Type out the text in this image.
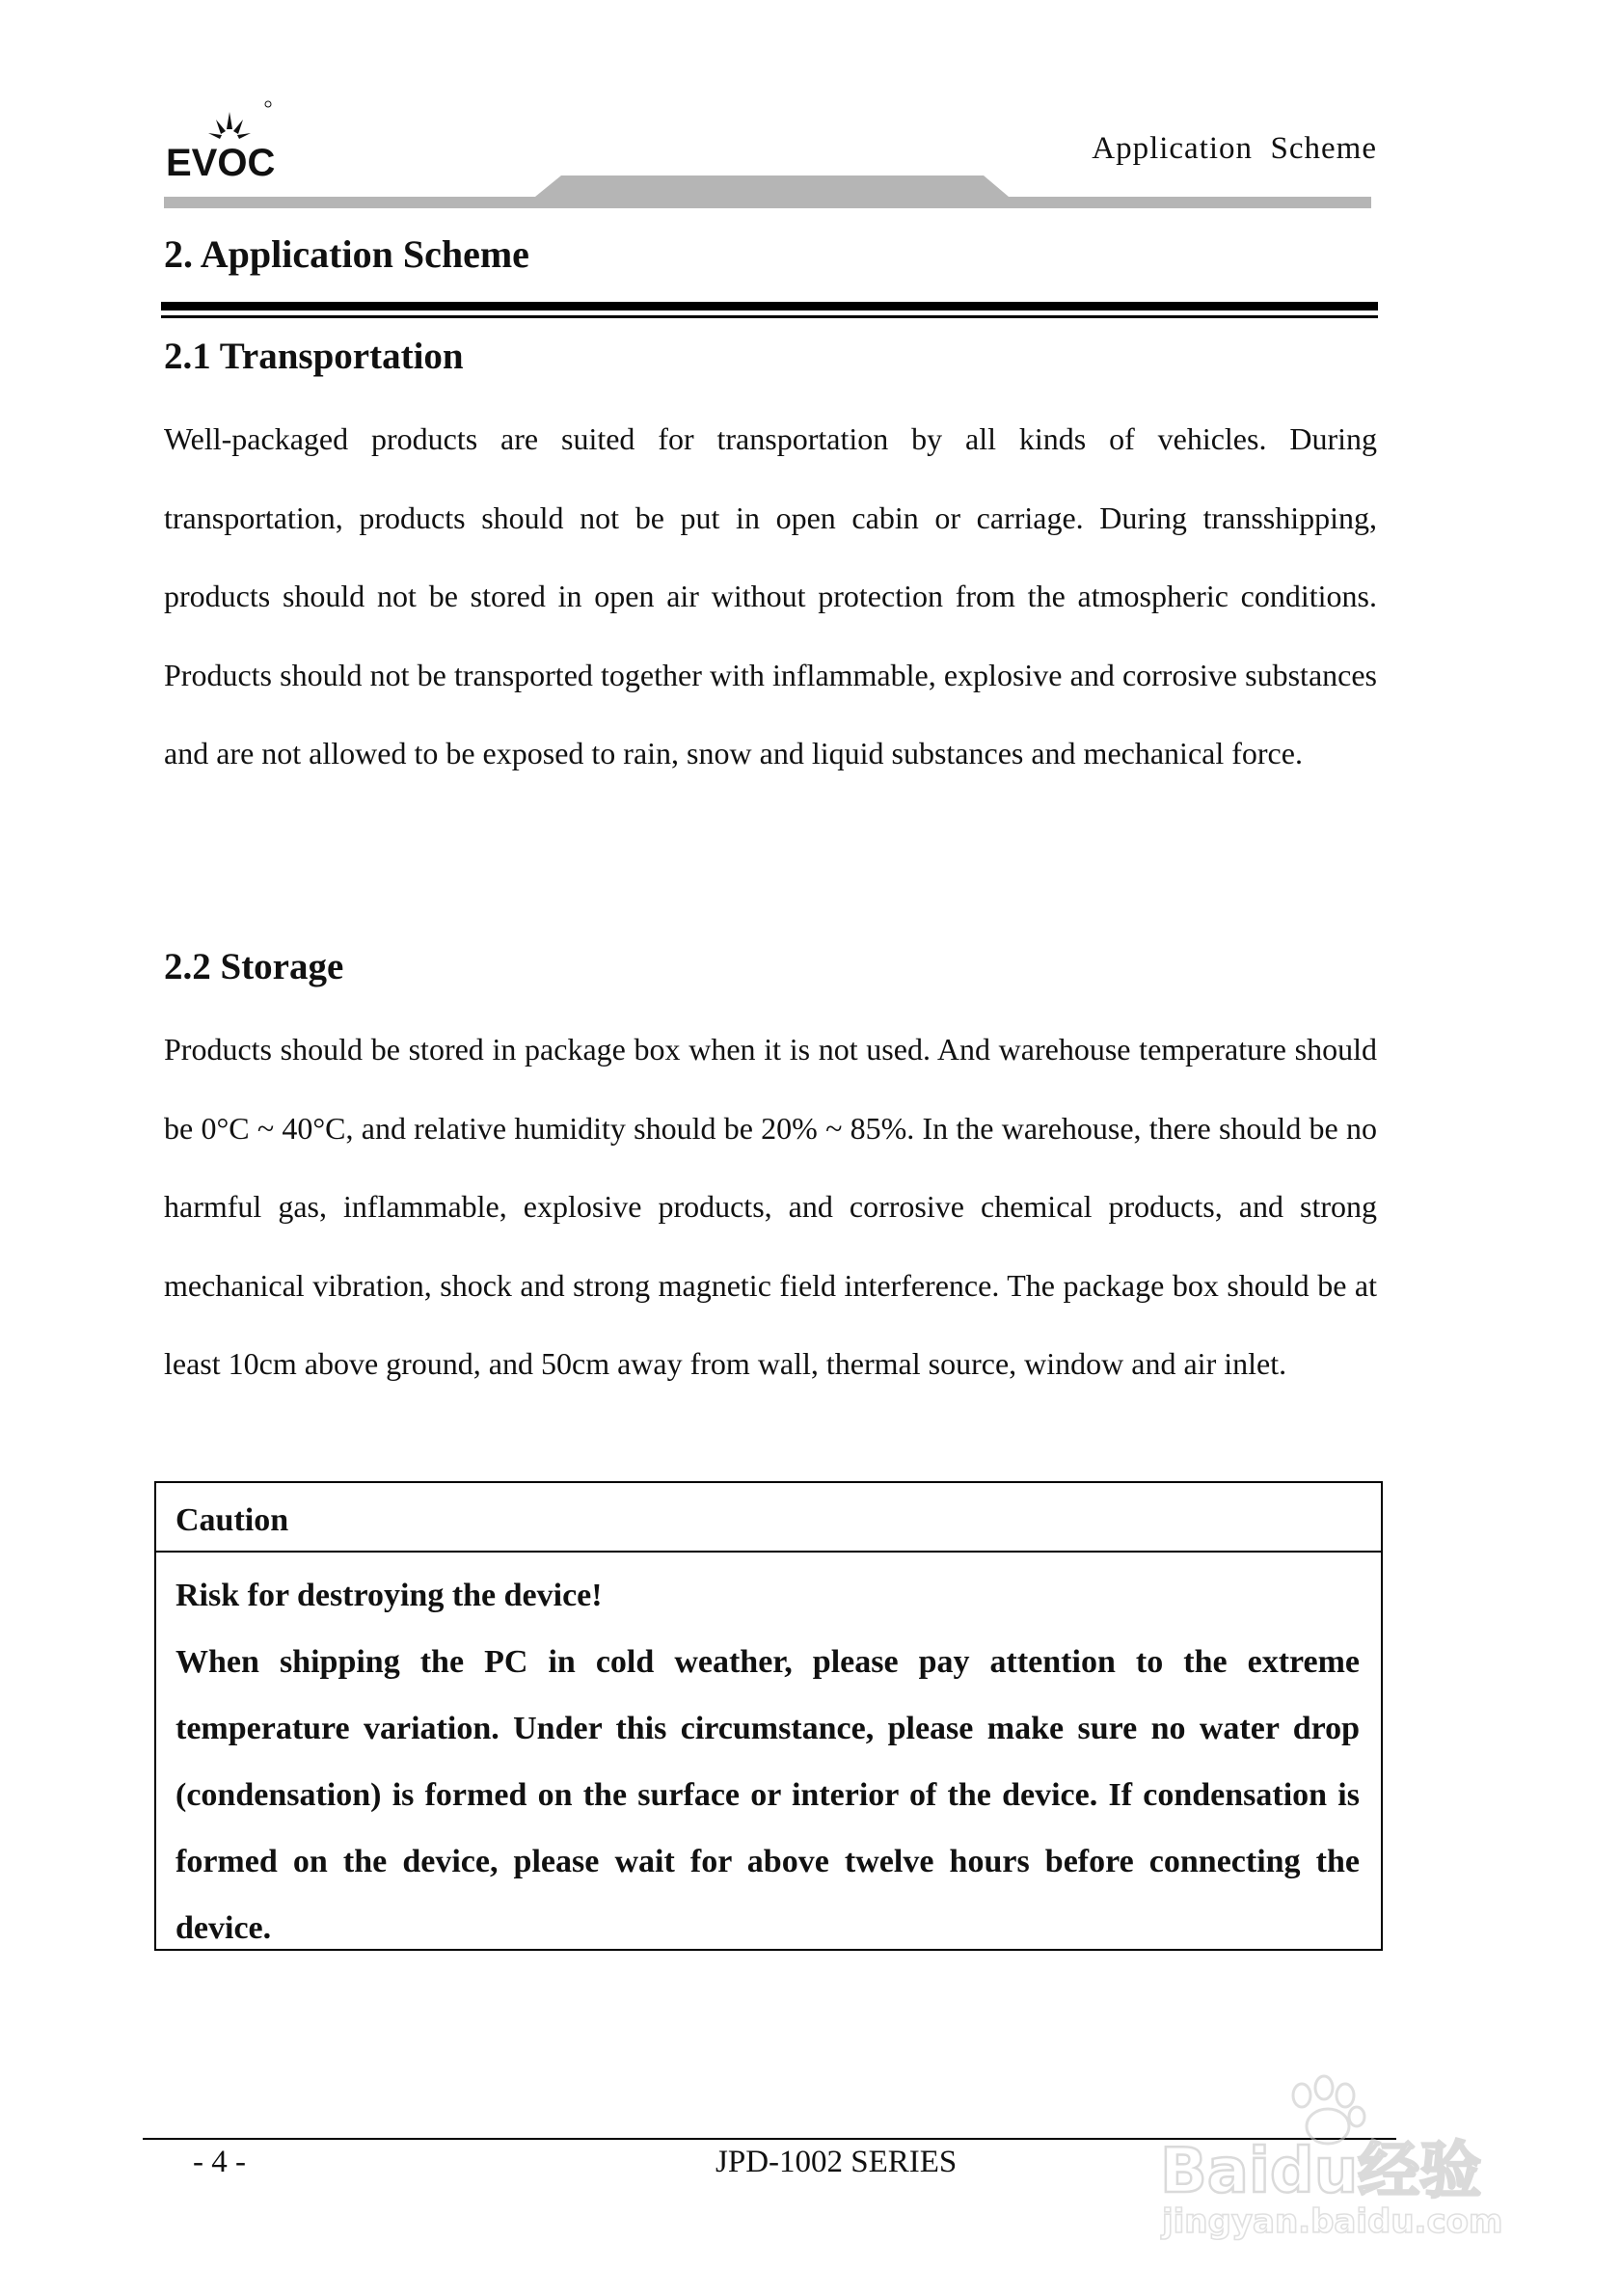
EVOC	Application  Scheme
2. Application Scheme
2.1 Transportation

Well-packaged products are suited for transportation by all kinds of vehicles. During transportation, products should not be put in open cabin or carriage. During transshipping, products should not be stored in open air without protection from the atmospheric conditions. Products should not be transported together with inflammable, explosive and corrosive substances and are not allowed to be exposed to rain, snow and liquid substances and mechanical force.

2.2 Storage

Products should be stored in package box when it is not used. And warehouse temperature should be 0°C ~ 40°C, and relative humidity should be 20% ~ 85%. In the warehouse, there should be no harmful gas, inflammable, explosive products, and corrosive chemical products, and strong mechanical vibration, shock and strong magnetic field interference. The package box should be at least 10cm above ground, and 50cm away from wall, thermal source, window and air inlet.

Caution

Risk for destroying the device!

When shipping the PC in cold weather, please pay attention to the extreme temperature variation. Under this circumstance, please make sure no water drop (condensation) is formed on the surface or interior of the device. If condensation is formed on the device, please wait for above twelve hours before connecting the device.

- 4 -	JPD-1002 SERIES	Baidu经验
jingyan.baidu.com
